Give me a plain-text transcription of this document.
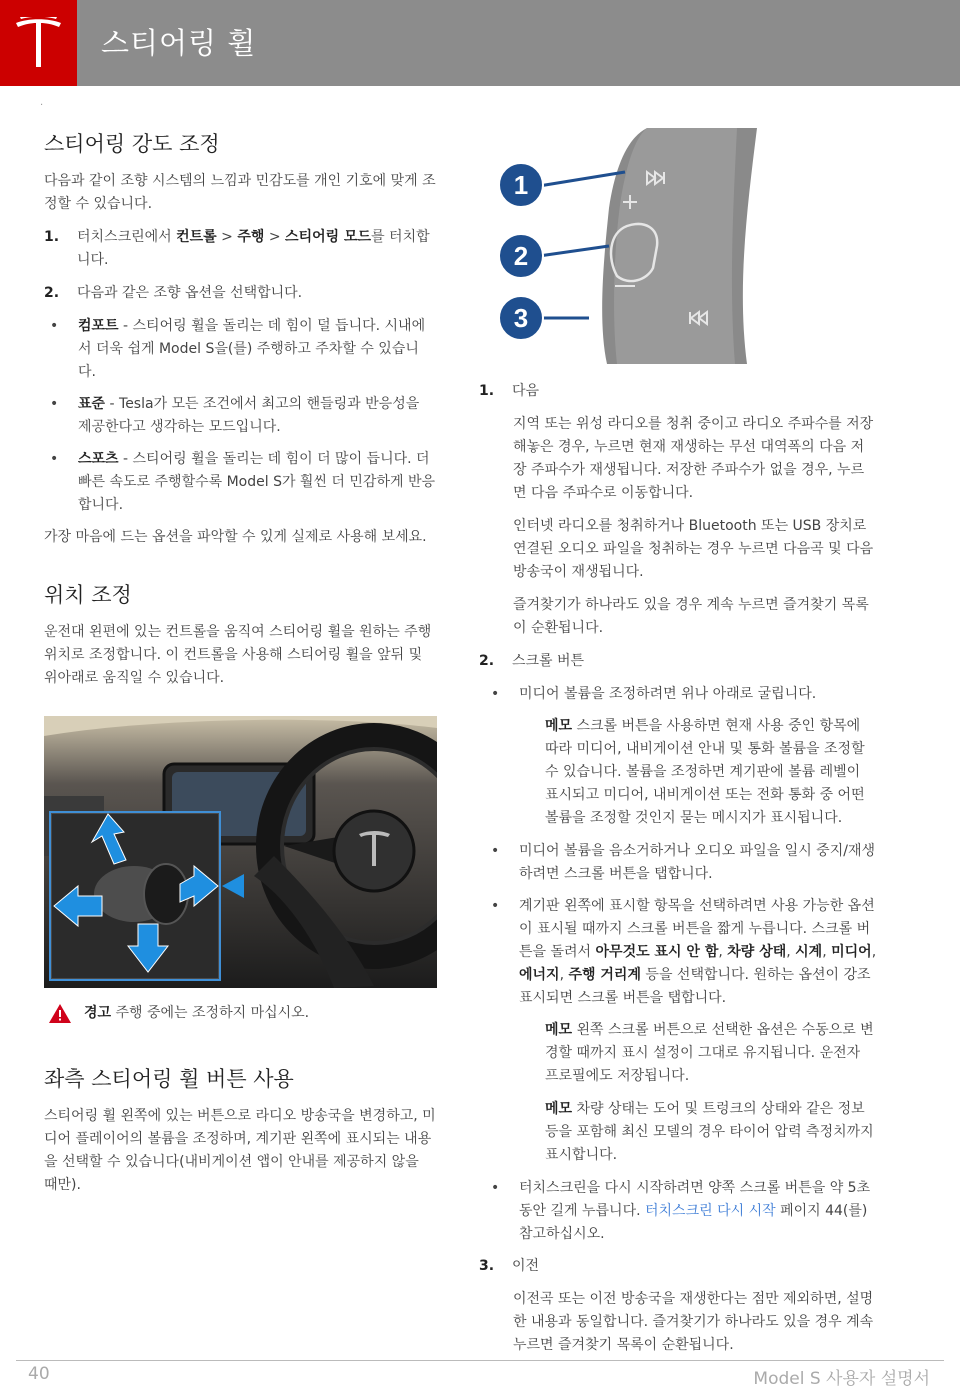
스티어링 휠
·
스티어링 강도 조정

다음과 같이 조향 시스템의 느낌과 민감도를 개인 기호에 맞게 조정할 수 있습니다.

1. 터치스크린에서 컨트롤 > 주행 > 스티어링 모드를 터치합니다.
2. 다음과 같은 조향 옵션을 선택합니다.
• 컴포트 - 스티어링 휠을 돌리는 데 힘이 덜 듭니다. 시내에서 더욱 쉽게 Model S을(를) 주행하고 주차할 수 있습니다.
• 표준 - Tesla가 모든 조건에서 최고의 핸들링과 반응성을 제공한다고 생각하는 모드입니다.
• 스포츠 - 스티어링 휠을 돌리는 데 힘이 더 많이 듭니다. 더 빠른 속도로 주행할수록 Model S가 훨씬 더 민감하게 반응합니다.

가장 마음에 드는 옵션을 파악할 수 있게 실제로 사용해 보세요.

위치 조정

운전대 왼편에 있는 컨트롤을 움직여 스티어링 휠을 원하는 주행 위치로 조정합니다. 이 컨트롤을 사용해 스티어링 휠을 앞뒤 및 위아래로 움직일 수 있습니다.

경고 주행 중에는 조정하지 마십시오.
좌측 스티어링 휠 버튼 사용

스티어링 휠 왼쪽에 있는 버튼으로 라디오 방송국을 변경하고, 미디어 플레이어의 볼륨을 조정하며, 계기판 왼쪽에 표시되는 내용을 선택할 수 있습니다(내비게이션 앱이 안내를 제공하지 않을 때만).

1
2
3
1. 다음
지역 또는 위성 라디오를 청취 중이고 라디오 주파수를 저장해놓은 경우, 누르면 현재 재생하는 무선 대역폭의 다음 저장 주파수가 재생됩니다. 저장한 주파수가 없을 경우, 누르면 다음 주파수로 이동합니다.
인터넷 라디오를 청취하거나 Bluetooth 또는 USB 장치로 연결된 오디오 파일을 청취하는 경우 누르면 다음곡 및 다음 방송국이 재생됩니다.
즐겨찾기가 하나라도 있을 경우 계속 누르면 즐겨찾기 목록이 순환됩니다.
2. 스크롤 버튼
• 미디어 볼륨을 조정하려면 위나 아래로 굴립니다.
메모 스크롤 버튼을 사용하면 현재 사용 중인 항목에 따라 미디어, 내비게이션 안내 및 통화 볼륨을 조정할 수 있습니다. 볼륨을 조정하면 계기판에 볼륨 레벨이 표시되고 미디어, 내비게이션 또는 전화 통화 중 어떤 볼륨을 조정할 것인지 묻는 메시지가 표시됩니다.
• 미디어 볼륨을 음소거하거나 오디오 파일을 일시 중지/재생하려면 스크롤 버튼을 탭합니다.
• 계기판 왼쪽에 표시할 항목을 선택하려면 사용 가능한 옵션이 표시될 때까지 스크롤 버튼을 짧게 누릅니다. 스크롤 버튼을 돌려서 아무것도 표시 안 함, 차량 상태, 시계, 미디어, 에너지, 주행 거리계 등을 선택합니다. 원하는 옵션이 강조 표시되면 스크롤 버튼을 탭합니다.
메모 왼쪽 스크롤 버튼으로 선택한 옵션은 수동으로 변경할 때까지 표시 설정이 그대로 유지됩니다. 운전자 프로필에도 저장됩니다.
메모 차량 상태는 도어 및 트렁크의 상태와 같은 정보 등을 포함해 최신 모델의 경우 타이어 압력 측정치까지 표시합니다.
• 터치스크린을 다시 시작하려면 양쪽 스크롤 버튼을 약 5초 동안 길게 누릅니다. 터치스크린 다시 시작 페이지 44(를) 참고하십시오.
3. 이전
이전곡 또는 이전 방송국을 재생한다는 점만 제외하면, 설명한 내용과 동일합니다. 즐겨찾기가 하나라도 있을 경우 계속 누르면 즐겨찾기 목록이 순환됩니다.
40	Model S 사용자 설명서
